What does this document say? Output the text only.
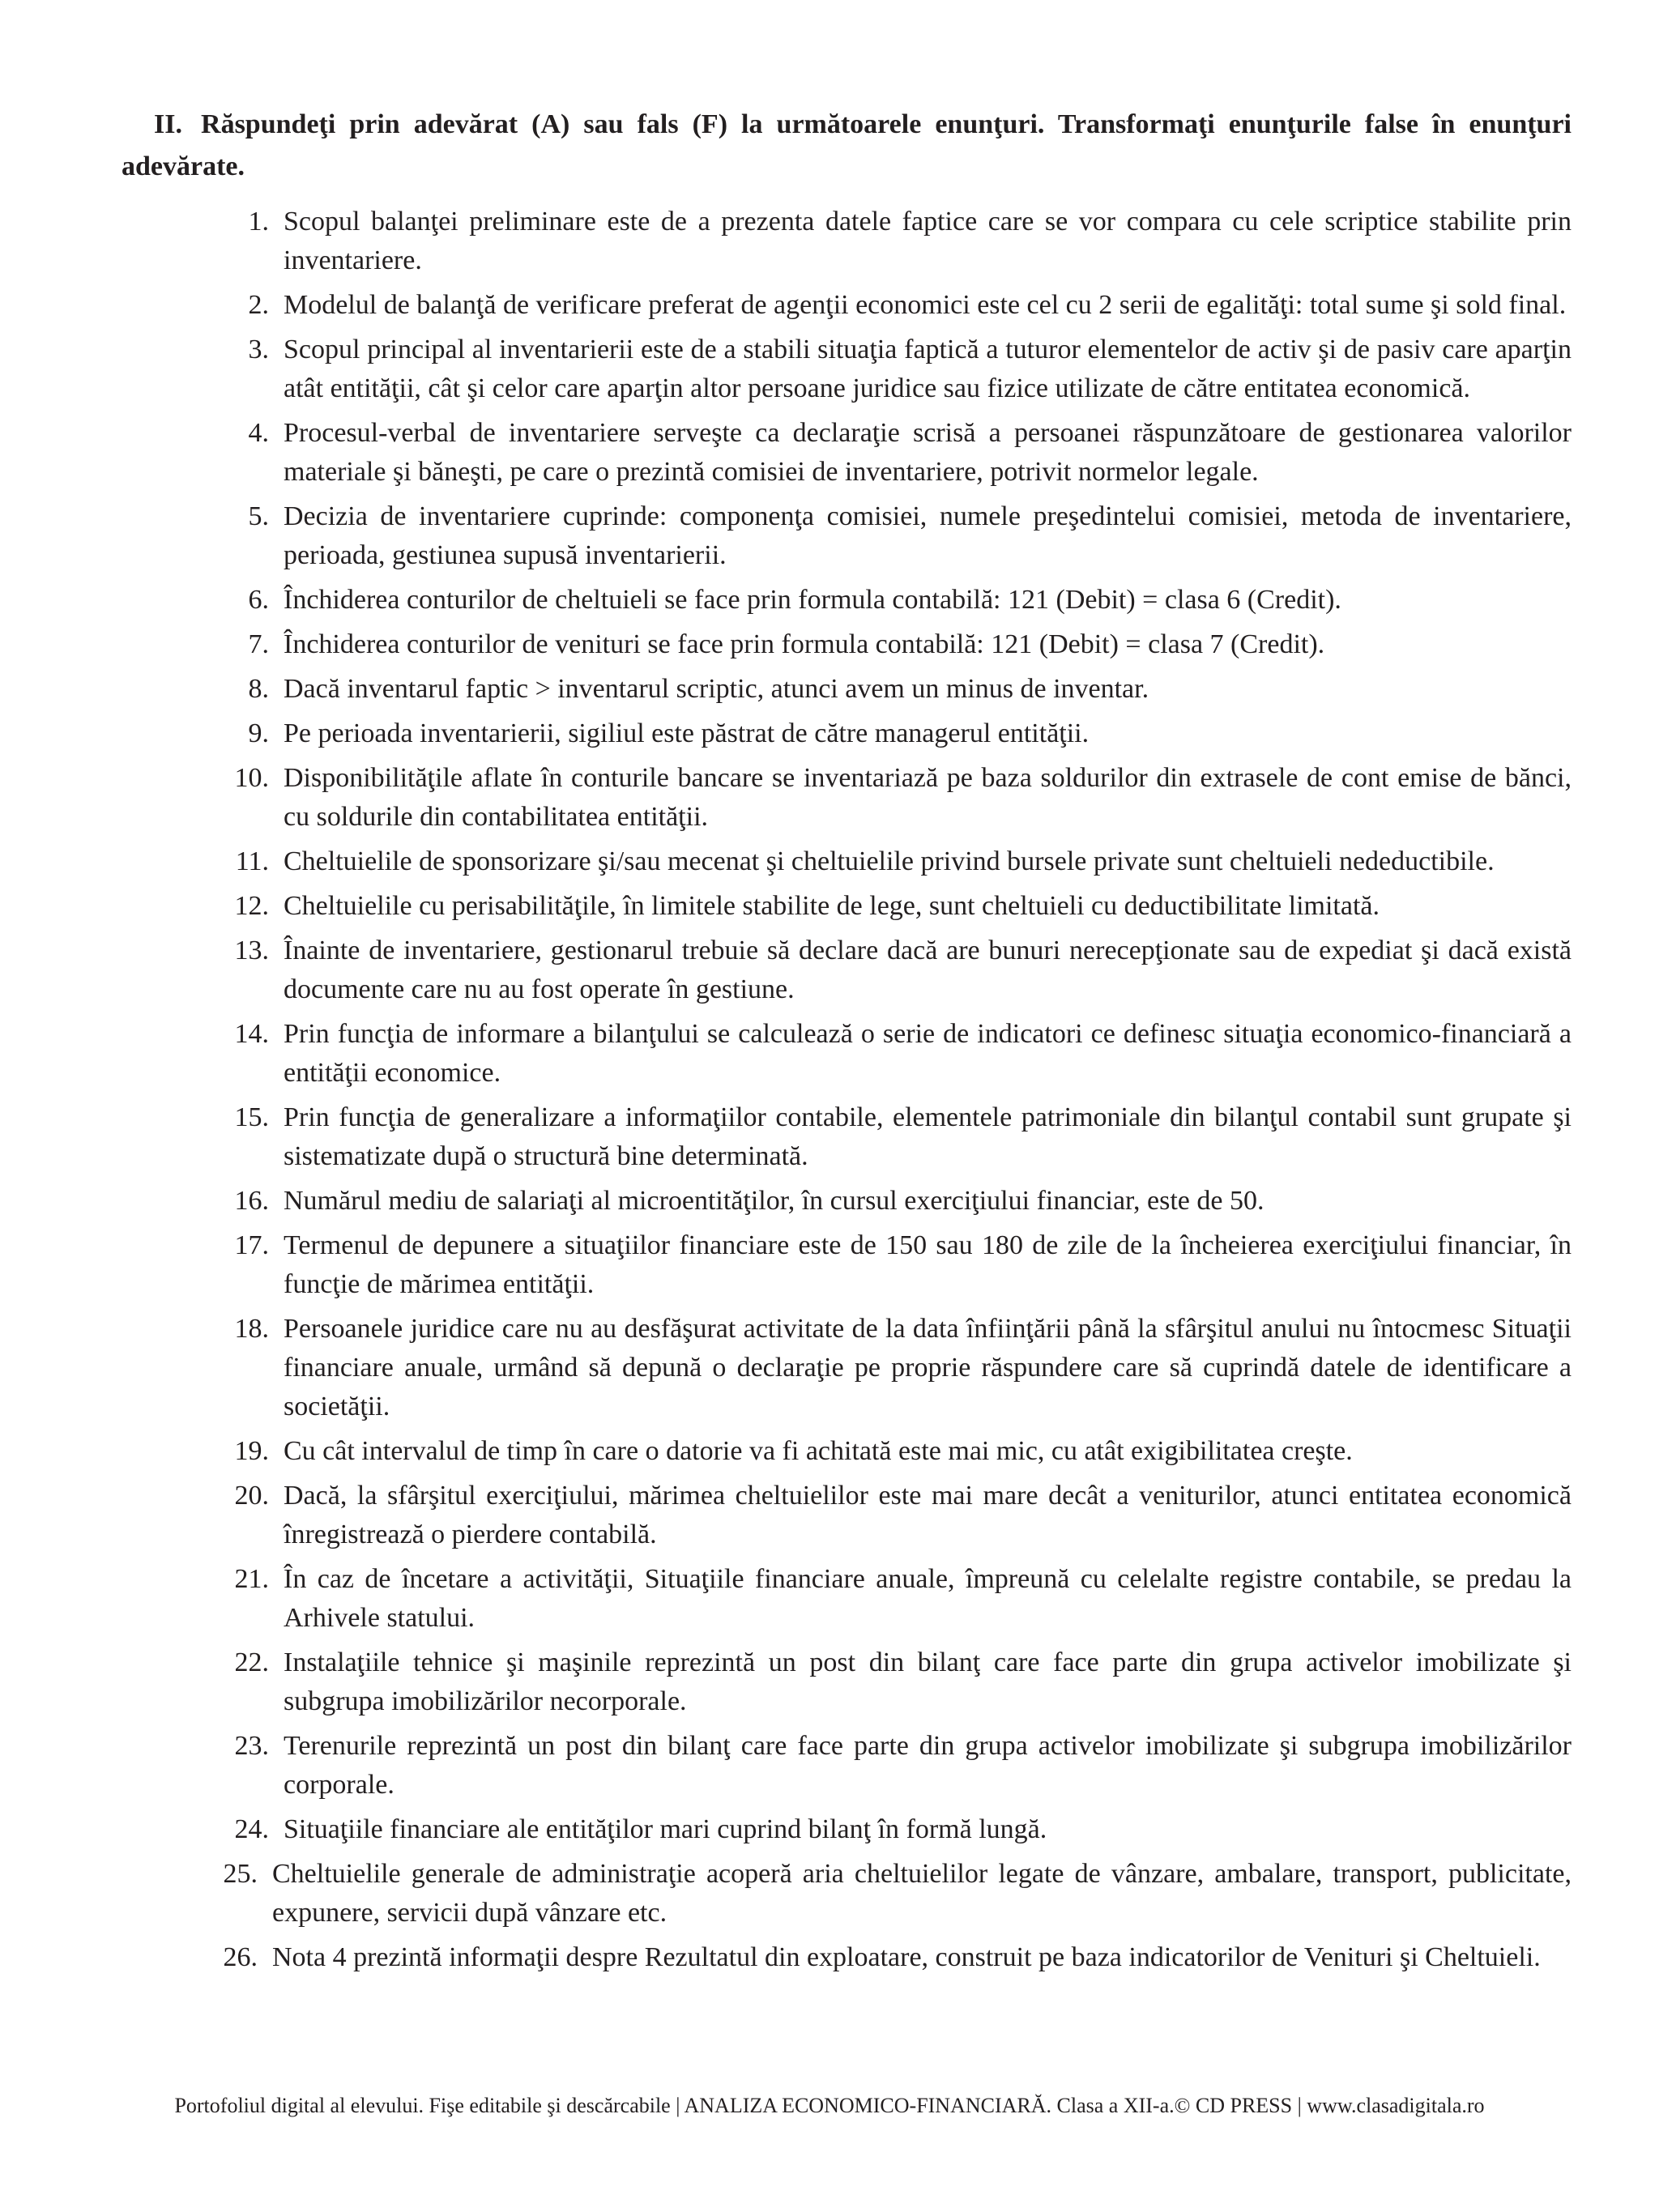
II. Răspundeţi prin adevărat (A) sau fals (F) la următoarele enunţuri. Transformaţi enunţurile false în enunţuri adevărate.
1. Scopul balanţei preliminare este de a prezenta datele faptice care se vor compara cu cele scriptice stabilite prin inventariere.
2. Modelul de balanţă de verificare preferat de agenţii economici este cel cu 2 serii de egalităţi: total sume şi sold final.
3. Scopul principal al inventarierii este de a stabili situaţia faptică a tuturor elementelor de activ şi de pasiv care aparţin atât entităţii, cât şi celor care aparţin altor persoane juridice sau fizice utilizate de către entitatea economică.
4. Procesul-verbal de inventariere serveşte ca declaraţie scrisă a persoanei răspunzătoare de gestionarea valorilor materiale şi băneşti, pe care o prezintă comisiei de inventariere, potrivit normelor legale.
5. Decizia de inventariere cuprinde: componenţa comisiei, numele preşedintelui comisiei, metoda de inventariere, perioada, gestiunea supusă inventarierii.
6. Închiderea conturilor de cheltuieli se face prin formula contabilă: 121 (Debit) = clasa 6 (Credit).
7. Închiderea conturilor de venituri se face prin formula contabilă: 121 (Debit) = clasa 7 (Credit).
8. Dacă inventarul faptic > inventarul scriptic, atunci avem un minus de inventar.
9. Pe perioada inventarierii, sigiliul este păstrat de către managerul entităţii.
10. Disponibilităţile aflate în conturile bancare se inventariază pe baza soldurilor din extrasele de cont emise de bănci, cu soldurile din contabilitatea entităţii.
11. Cheltuielile de sponsorizare şi/sau mecenat şi cheltuielile privind bursele private sunt cheltuieli nedeductibile.
12. Cheltuielile cu perisabilităţile, în limitele stabilite de lege, sunt cheltuieli cu deductibilitate limitată.
13. Înainte de inventariere, gestionarul trebuie să declare dacă are bunuri nerecepţionate sau de expediat şi dacă există documente care nu au fost operate în gestiune.
14. Prin funcţia de informare a bilanţului se calculează o serie de indicatori ce definesc situaţia economico-financiară a entităţii economice.
15. Prin funcţia de generalizare a informaţiilor contabile, elementele patrimoniale din bilanţul contabil sunt grupate şi sistematizate după o structură bine determinată.
16. Numărul mediu de salariaţi al microentităţilor, în cursul exerciţiului financiar, este de 50.
17. Termenul de depunere a situaţiilor financiare este de 150 sau 180 de zile de la încheierea exerciţiului financiar, în funcţie de mărimea entităţii.
18. Persoanele juridice care nu au desfăşurat activitate de la data înfiinţării până la sfârşitul anului nu întocmesc Situaţii financiare anuale, urmând să depună o declaraţie pe proprie răspundere care să cuprindă datele de identificare a societăţii.
19. Cu cât intervalul de timp în care o datorie va fi achitată este mai mic, cu atât exigibilitatea creşte.
20. Dacă, la sfârşitul exerciţiului, mărimea cheltuielilor este mai mare decât a veniturilor, atunci entitatea economică înregistrează o pierdere contabilă.
21. În caz de încetare a activităţii, Situaţiile financiare anuale, împreună cu celelalte registre contabile, se predau la Arhivele statului.
22. Instalaţiile tehnice şi maşinile reprezintă un post din bilanţ care face parte din grupa activelor imobilizate şi subgrupa imobilizărilor necorporale.
23. Terenurile reprezintă un post din bilanţ care face parte din grupa activelor imobilizate şi subgrupa imobilizărilor corporale.
24. Situaţiile financiare ale entităţilor mari cuprind bilanţ în formă lungă.
25. Cheltuielile generale de administraţie acoperă aria cheltuielilor legate de vânzare, ambalare, transport, publicitate, expunere, servicii după vânzare etc.
26. Nota 4 prezintă informaţii despre Rezultatul din exploatare, construit pe baza indicatorilor de Venituri şi Cheltuieli.
Portofoliul digital al elevului. Fişe editabile şi descărcabile | ANALIZA ECONOMICO-FINANCIARĂ. Clasa a XII-a.© CD PRESS | www.clasadigitala.ro
